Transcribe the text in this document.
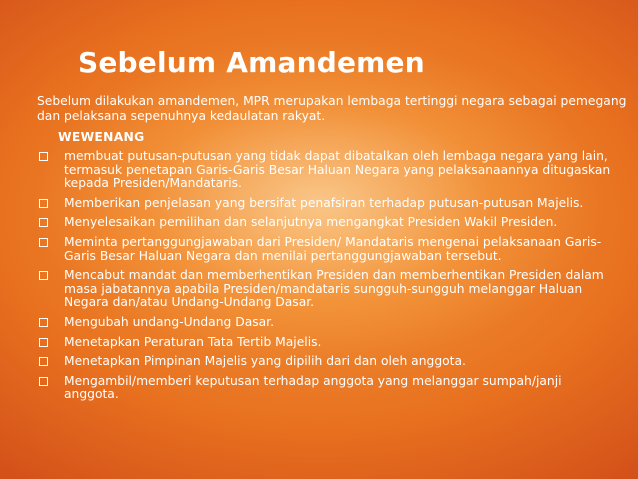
Sebelum Amandemen
Sebelum dilakukan amandemen, MPR merupakan lembaga tertinggi negara sebagai pemegang dan pelaksana sepenuhnya kedaulatan rakyat.
WEWENANG
membuat putusan-putusan yang tidak dapat dibatalkan oleh lembaga negara yang lain, termasuk penetapan Garis-Garis Besar Haluan Negara yang pelaksanaannya ditugaskan kepada Presiden/Mandataris.
Memberikan penjelasan yang bersifat penafsiran terhadap putusan-putusan Majelis.
Menyelesaikan pemilihan dan selanjutnya mengangkat Presiden Wakil Presiden.
Meminta pertanggungjawaban dari Presiden/ Mandataris mengenai pelaksanaan Garis-Garis Besar Haluan Negara dan menilai pertanggungjawaban tersebut.
Mencabut mandat dan memberhentikan Presiden dan memberhentikan Presiden dalam masa jabatannya apabila Presiden/mandataris sungguh-sungguh melanggar Haluan Negara dan/atau Undang-Undang Dasar.
Mengubah undang-Undang Dasar.
Menetapkan Peraturan Tata Tertib Majelis.
Menetapkan Pimpinan Majelis yang dipilih dari dan oleh anggota.
Mengambil/memberi keputusan terhadap anggota yang melanggar sumpah/janji anggota.
